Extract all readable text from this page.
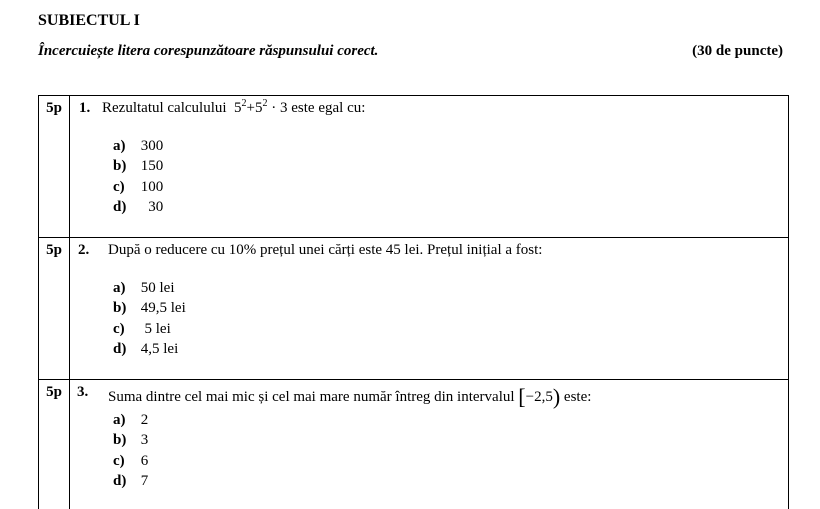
SUBIECTUL I
Încercuiește litera corespunzătoare răspunsului corect.	(30 de puncte)
5p	1. Rezultatul calculului $5^2+5^2 \cdot 3$ este egal cu:
a) 300
b) 150
c) 100
d) 30
5p	2. După o reducere cu 10% prețul unei cărți este 45 lei. Prețul inițial a fost:
a) 50 lei
b) 49,5 lei
c) 5 lei
d) 4,5 lei
5p	3. Suma dintre cel mai mic și cel mai mare număr întreg din intervalul [−2,5) este:
a) 2
b) 3
c) 6
d) 7
